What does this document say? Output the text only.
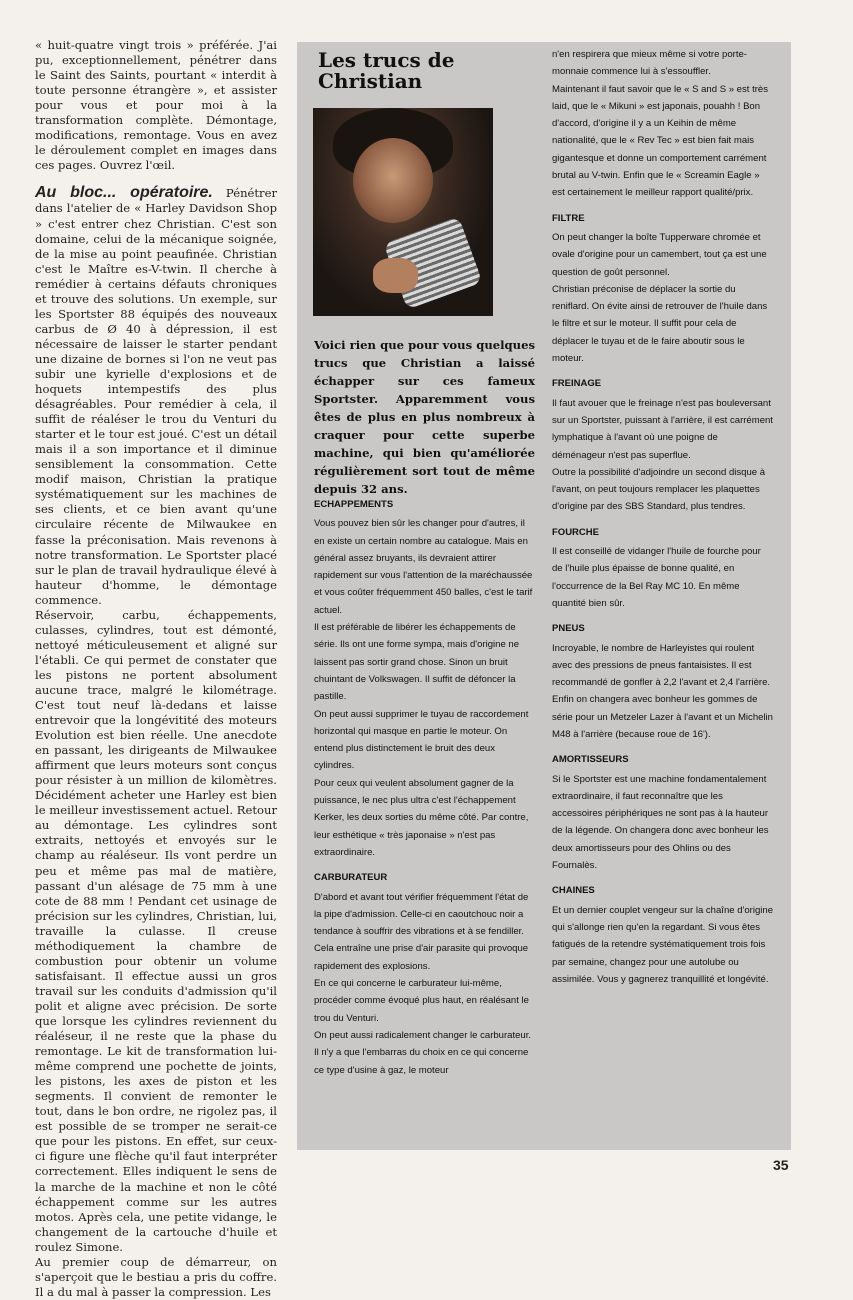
« huit-quatre vingt trois » préférée. J'ai pu, exceptionnellement, pénétrer dans le Saint des Saints, pourtant « interdit à toute personne étrangère », et assister pour vous et pour moi à la transformation complète. Démontage, modifications, remontage. Vous en avez le déroulement complet en images dans ces pages. Ouvrez l'œil.

Au bloc... opératoire. Pénétrer dans l'atelier de « Harley Davidson Shop » c'est entrer chez Christian. C'est son domaine, celui de la mécanique soignée, de la mise au point peaufinée. Christian c'est le Maître es-V-twin. Il cherche à remédier à certains défauts chroniques et trouve des solutions. Un exemple, sur les Sportster 88 équipés des nouveaux carbus de Ø 40 à dépression, il est nécessaire de laisser le starter pendant une dizaine de bornes si l'on ne veut pas subir une kyrielle d'explosions et de hoquets intempestifs des plus désagréables. Pour remédier à cela, il suffit de réaléser le trou du Venturi du starter et le tour est joué. C'est un détail mais il a son importance et il diminue sensiblement la consommation. Cette modif maison, Christian la pratique systématiquement sur les machines de ses clients, et ce bien avant qu'une circulaire récente de Milwaukee en fasse la préconisation. Mais revenons à notre transformation. Le Sportster placé sur le plan de travail hydraulique élevé à hauteur d'homme, le démontage commence.

Réservoir, carbu, échappements, culasses, cylindres, tout est démonté, nettoyé méticuleusement et aligné sur l'établi. Ce qui permet de constater que les pistons ne portent absolument aucune trace, malgré le kilométrage. C'est tout neuf là-dedans et laisse entrevoir que la longévitité des moteurs Evolution est bien réelle. Une anecdote en passant, les dirigeants de Milwaukee affirment que leurs moteurs sont conçus pour résister à un million de kilomètres. Décidément acheter une Harley est bien le meilleur investissement actuel. Retour au démontage. Les cylindres sont extraits, nettoyés et envoyés sur le champ au réaléseur. Ils vont perdre un peu et même pas mal de matière, passant d'un alésage de 75 mm à une cote de 88 mm ! Pendant cet usinage de précision sur les cylindres, Christian, lui, travaille la culasse. Il creuse méthodiquement la chambre de combustion pour obtenir un volume satisfaisant. Il effectue aussi un gros travail sur les conduits d'admission qu'il polit et aligne avec précision. De sorte que lorsque les cylindres reviennent du réaléseur, il ne reste que la phase du remontage. Le kit de transformation lui-même comprend une pochette de joints, les pistons, les axes de piston et les segments. Il convient de remonter le tout, dans le bon ordre, ne rigolez pas, il est possible de se tromper ne serait-ce que pour les pistons. En effet, sur ceux-ci figure une flèche qu'il faut interpréter correctement. Elles indiquent le sens de la marche de la machine et non le côté échappement comme sur les autres motos. Après cela, une petite vidange, le changement de la cartouche d'huile et roulez Simone.

Au premier coup de démarreur, on s'aperçoit que le bestiau a pris du coffre. Il a du mal à passer la compression. Les

Les trucs de
Christian
Voici rien que pour vous quelques trucs que Christian a laissé échapper sur ces fameux Sportster. Apparemment vous êtes de plus en plus nombreux à craquer pour cette superbe machine, qui bien qu'améliorée régulièrement sort tout de même depuis 32 ans.

ECHAPPEMENTS

Vous pouvez bien sûr les changer pour d'autres, il en existe un certain nombre au catalogue. Mais en général assez bruyants, ils devraient attirer rapidement sur vous l'attention de la maréchaussée et vous coûter fréquemment 450 balles, c'est le tarif actuel.

Il est préférable de libérer les échappements de série. Ils ont une forme sympa, mais d'origine ne laissent pas sortir grand chose. Sinon un bruit chuintant de Volkswagen. Il suffit de défoncer la pastille.

On peut aussi supprimer le tuyau de raccordement horizontal qui masque en partie le moteur. On entend plus distinctement le bruit des deux cylindres.

Pour ceux qui veulent absolument gagner de la puissance, le nec plus ultra c'est l'échappement Kerker, les deux sorties du même côté. Par contre, leur esthétique « très japonaise » n'est pas extraordinaire.

CARBURATEUR

D'abord et avant tout vérifier fréquemment l'état de la pipe d'admission. Celle-ci en caoutchouc noir a tendance à souffrir des vibrations et à se fendiller. Cela entraîne une prise d'air parasite qui provoque rapidement des explosions.

En ce qui concerne le carburateur lui-même, procéder comme évoqué plus haut, en réalésant le trou du Venturi.

On peut aussi radicalement changer le carburateur. Il n'y a que l'embarras du choix en ce qui concerne ce type d'usine à gaz, le moteur

n'en respirera que mieux même si votre porte-monnaie commence lui à s'essouffler.

Maintenant il faut savoir que le « S and S » est très laid, que le « Mikuni » est japonais, pouahh ! Bon d'accord, d'origine il y a un Keihin de même nationalité, que le « Rev Tec » est bien fait mais gigantesque et donne un comportement carrément brutal au V-twin. Enfin que le « Screamin Eagle » est certainement le meilleur rapport qualité/prix.

FILTRE

On peut changer la boîte Tupperware chromée et ovale d'origine pour un camembert, tout ça est une question de goût personnel.

Christian préconise de déplacer la sortie du reniflard. On évite ainsi de retrouver de l'huile dans le filtre et sur le moteur. Il suffit pour cela de déplacer le tuyau et de le faire aboutir sous le moteur.

FREINAGE

Il faut avouer que le freinage n'est pas bouleversant sur un Sportster, puissant à l'arrière, il est carrément lymphatique à l'avant où une poigne de déménageur n'est pas superflue.

Outre la possibilité d'adjoindre un second disque à l'avant, on peut toujours remplacer les plaquettes d'origine par des SBS Standard, plus tendres.

FOURCHE

Il est conseillé de vidanger l'huile de fourche pour de l'huile plus épaisse de bonne qualité, en l'occurrence de la Bel Ray MC 10. En même quantité bien sûr.

PNEUS

Incroyable, le nombre de Harleyistes qui roulent avec des pressions de pneus fantaisistes. Il est recommandé de gonfler à 2,2 l'avant et 2,4 l'arrière. Enfin on changera avec bonheur les gommes de série pour un Metzeler Lazer à l'avant et un Michelin M48 à l'arrière (because roue de 16').

AMORTISSEURS

Si le Sportster est une machine fondamentalement extraordinaire, il faut reconnaître que les accessoires périphériques ne sont pas à la hauteur de la légende. On changera donc avec bonheur les deux amortisseurs pour des Ohlins ou des Fournalès.

CHAINES

Et un dernier couplet vengeur sur la chaîne d'origine qui s'allonge rien qu'en la regardant. Si vous êtes fatigués de la retendre systématiquement trois fois par semaine, changez pour une autolube ou assimilée. Vous y gagnerez tranquillité et longévité.

35
